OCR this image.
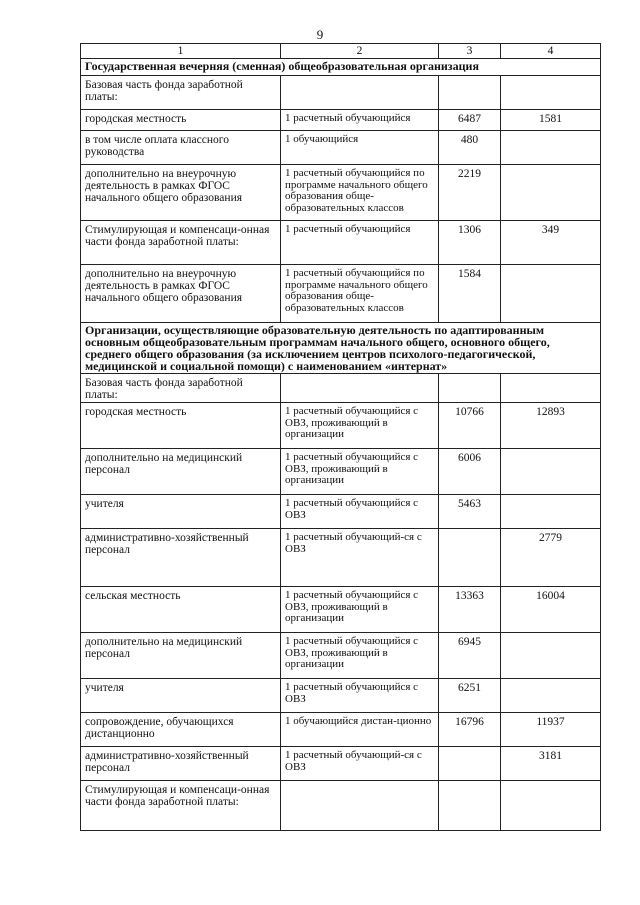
9
1	2	3	4
Государственная вечерняя (сменная) общеобразовательная организация			
Базовая часть фонда заработной платы:			
городская местность	1 расчетный обучающийся	6487	1581
в том числе оплата классного руководства	1 обучающийся	480	
дополнительно на внеурочную деятельность в рамках ФГОС начального общего образования	1 расчетный обучающийся по программе начального общего образования обще-образовательных классов	2219	
Стимулирующая и компенсаци-онная части фонда заработной платы:	1 расчетный обучающийся	1306	349
дополнительно на внеурочную деятельность в рамках ФГОС начального общего образования	1 расчетный обучающийся по программе начального общего образования обще-образовательных классов	1584	
Организации, осуществляющие образовательную деятельность по адаптированным основным общеобразовательным программам начального общего, основного общего, среднего общего образования (за исключением центров психолого-педагогической, медицинской и социальной помощи) с наименованием «интернат»			
Базовая часть фонда заработной платы:			
городская местность	1 расчетный обучающийся с ОВЗ, проживающий в организации	10766	12893
дополнительно на медицинский персонал	1 расчетный обучающийся с ОВЗ, проживающий в организации	6006	
учителя	1 расчетный обучающийся с ОВЗ	5463	
административно-хозяйственный персонал	1 расчетный обучающий-ся с ОВЗ		2779
сельская местность	1 расчетный обучающийся с ОВЗ, проживающий в организации	13363	16004
дополнительно на медицинский персонал	1 расчетный обучающийся с ОВЗ, проживающий в организации	6945	
учителя	1 расчетный обучающийся с ОВЗ	6251	
сопровождение, обучающихся дистанционно	1 обучающийся дистан-ционно	16796	11937
административно-хозяйственный персонал	1 расчетный обучающий-ся с ОВЗ		3181
Стимулирующая и компенсаци-онная части фонда заработной платы:			
